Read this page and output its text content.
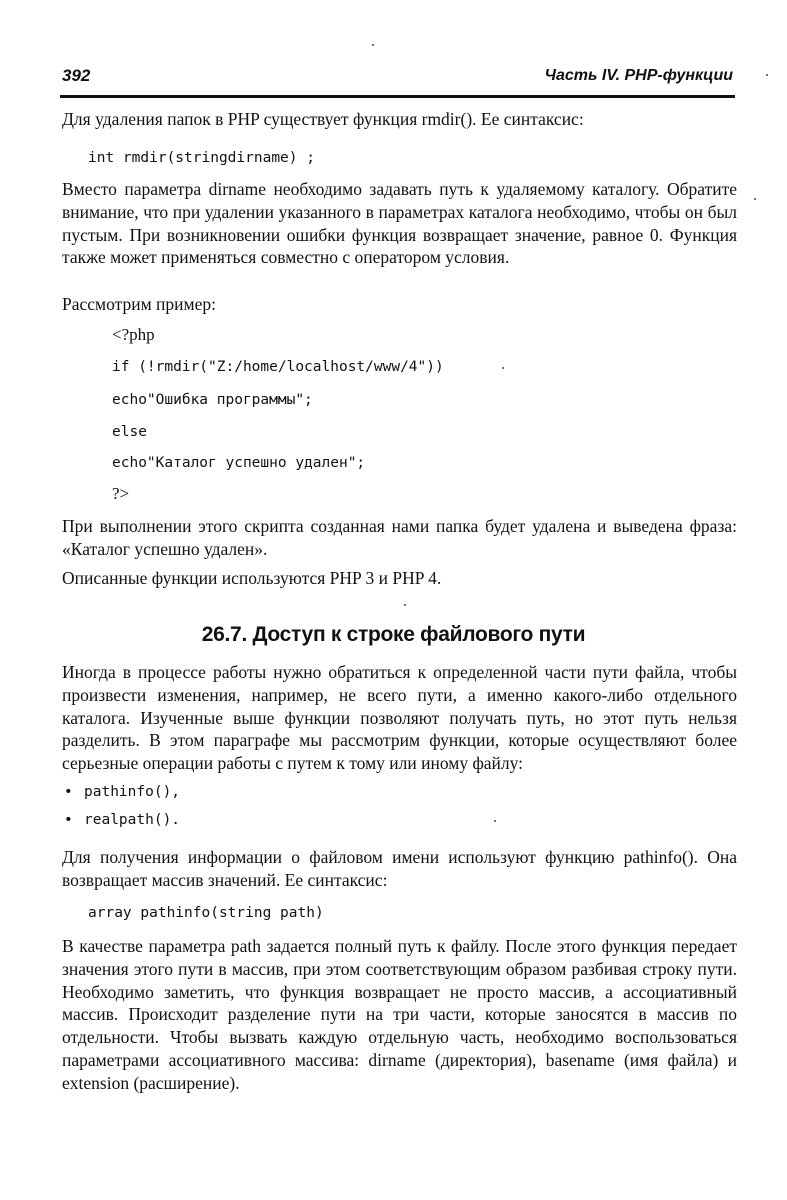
392	Часть IV. PHP-функции
Для удаления папок в PHP существует функция rmdir(). Ее синтаксис:
int rmdir(stringdirname) ;
Вместо параметра dirname необходимо задавать путь к удаляемому каталогу. Обратите внимание, что при удалении указанного в параметрах каталога необходимо, чтобы он был пустым. При возникновении ошибки функция возвращает значение, равное 0. Функция также может применяться совместно с оператором условия.
Рассмотрим пример:
<?php
if (!rmdir("Z:/home/localhost/www/4"))
echo"Ошибка программы";
else
echo"Каталог успешно удален";
?>
При выполнении этого скрипта созданная нами папка будет удалена и выведена фраза: «Каталог успешно удален».
Описанные функции используются PHP 3 и PHP 4.
26.7. Доступ к строке файлового пути
Иногда в процессе работы нужно обратиться к определенной части пути файла, чтобы произвести изменения, например, не всего пути, а именно какого-либо отдельного каталога. Изученные выше функции позволяют получать путь, но этот путь нельзя разделить. В этом параграфе мы рассмотрим функции, которые осуществляют более серьезные операции работы с путем к тому или иному файлу:
• pathinfo(),
• realpath().
Для получения информации о файловом имени используют функцию pathinfo(). Она возвращает массив значений. Ее синтаксис:
array pathinfo(string path)
В качестве параметра path задается полный путь к файлу. После этого функция передает значения этого пути в массив, при этом соответствующим образом разбивая строку пути. Необходимо заметить, что функция возвращает не просто массив, а ассоциативный массив. Происходит разделение пути на три части, которые заносятся в массив по отдельности. Чтобы вызвать каждую отдельную часть, необходимо воспользоваться параметрами ассоциативного массива: dirname (директория), basename (имя файла) и extension (расширение).
